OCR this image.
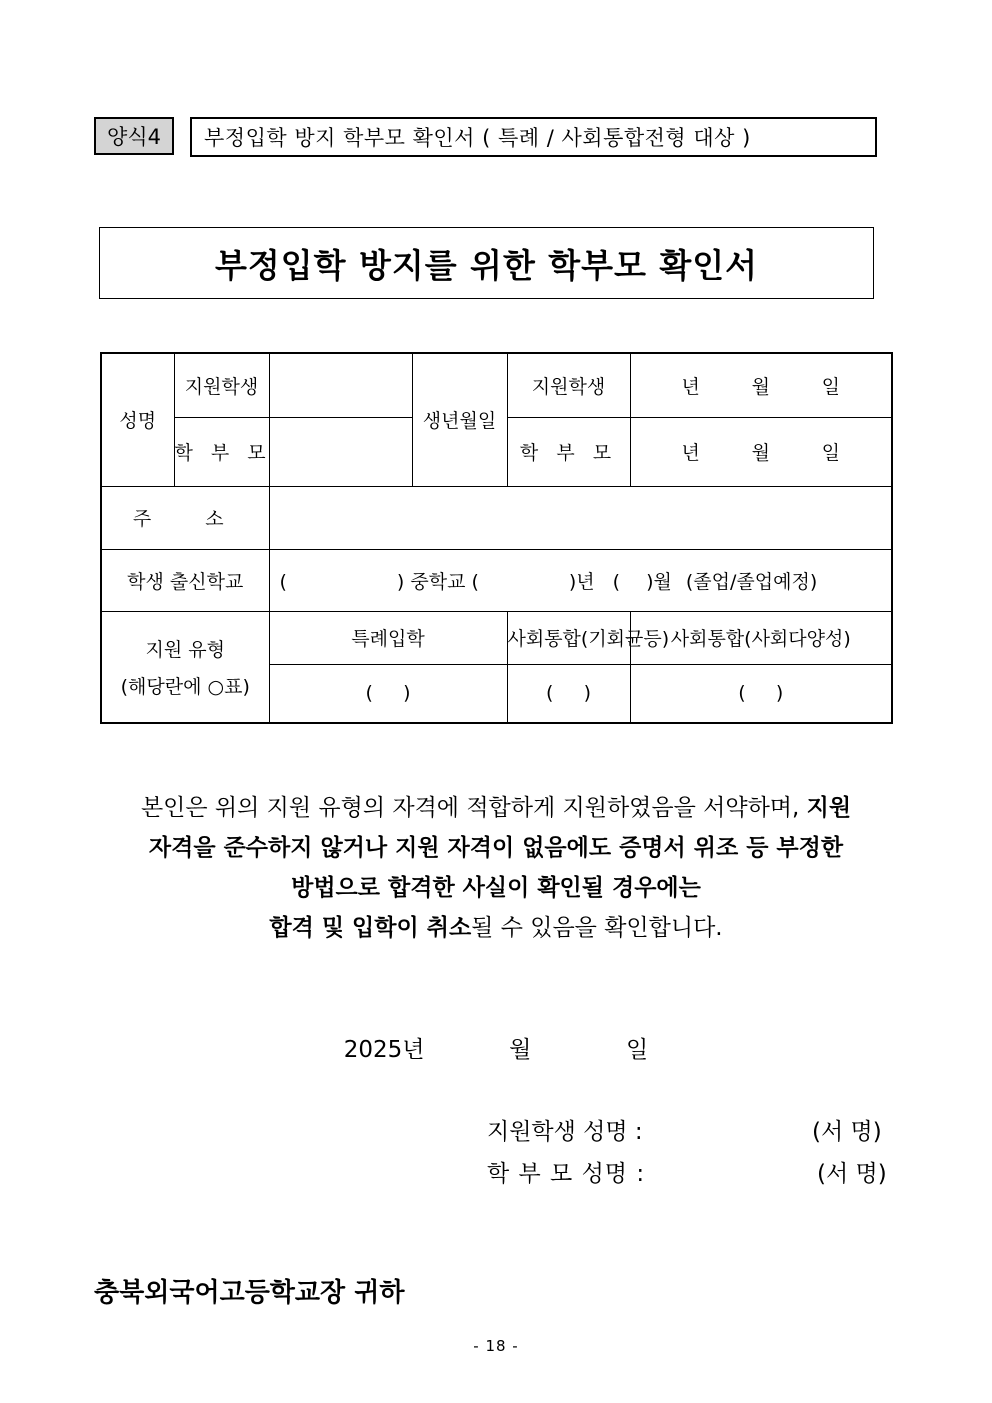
양식4	부정입학 방지 학부모 확인서 ( 특례 / 사회통합전형 대상 )
부정입학 방지를 위한 학부모 확인서
성명	지원학생		생년월일	지원학생	년 월 일
	학 부 모			학 부 모	년 월 일
주  소					
학생 출신학교		( ) 중학교 ( )년 ( )월 (졸업/졸업예정)			

지원 유형
(해당란에 ○표)		특례입학		사회통합(기회균등)	사회통합(사회다양성)
		(     )		(     )	(     )
본인은 위의 지원 유형의 자격에 적합하게 지원하였음을 서약하며, 지원
자격을 준수하지 않거나 지원 자격이 없음에도 증명서 위조 등 부정한
방법으로 합격한 사실이 확인될 경우에는
합격 및 입학이 취소될 수 있음을 확인합니다.
2025년	월	일
지원학생 성명 :	(서 명)
학 부 모 성명 :	(서 명)
충북외국어고등학교장 귀하
- 18 -
